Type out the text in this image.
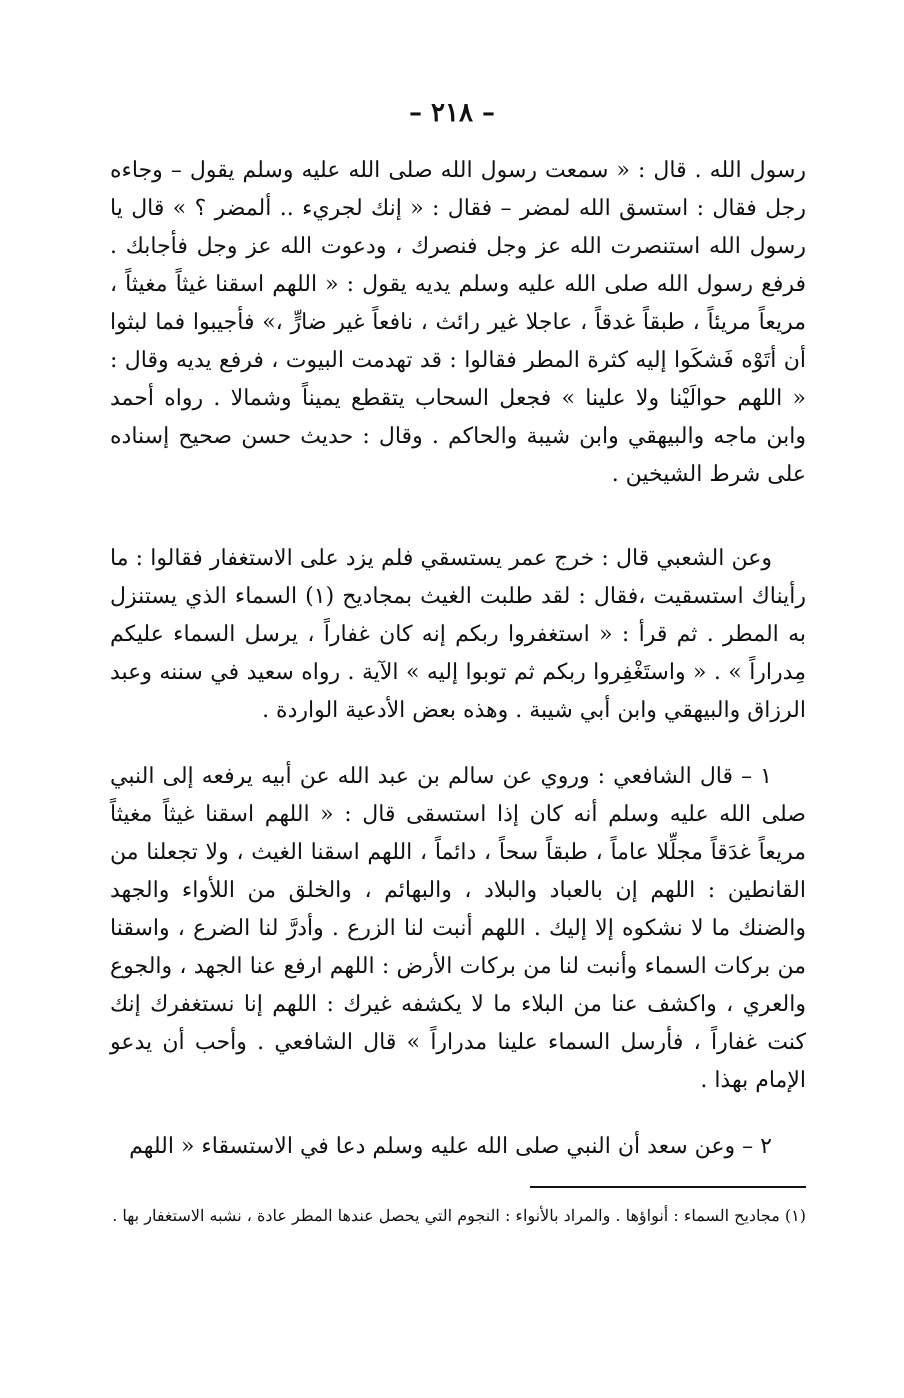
– ٢١٨ –

رسول الله . قال : « سمعت رسول الله صلى الله عليه وسلم يقول – وجاءه رجل فقال : استسق الله لمضر – فقال : « إنك لجريء .. ألمضر ؟ » قال يا رسول الله استنصرت الله عز وجل فنصرك ، ودعوت الله عز وجل فأجابك . فرفع رسول الله صلى الله عليه وسلم يديه يقول : « اللهم اسقنا غيثاً مغيثاً ، مريعاً مريئاً ، طبقاً غدقاً ، عاجلا غير رائث ، نافعاً غير ضارٍّ ،» فأجيبوا فما لبثوا أن أتَوْه فَشكَوا إليه كثرة المطر فقالوا : قد تهدمت البيوت ، فرفع يديه وقال : « اللهم حوالَيْنا ولا علينا » فجعل السحاب يتقطع يميناً وشمالا . رواه أحمد وابن ماجه والبيهقي وابن شيبة والحاكم . وقال : حديث حسن صحيح إسناده على شرط الشيخين .

وعن الشعبي قال : خرج عمر يستسقي فلم يزد على الاستغفار فقالوا : ما رأيناك استسقيت ،فقال : لقد طلبت الغيث بمجاديح (١) السماء الذي يستنزل به المطر . ثم قرأ : « استغفروا ربكم إنه كان غفاراً ، يرسل السماء عليكم مِدراراً » . « واستَغْفِروا ربكم ثم توبوا إليه » الآية . رواه سعيد في سننه وعبد الرزاق والبيهقي وابن أبي شيبة . وهذه بعض الأدعية الواردة .

١ – قال الشافعي : وروي عن سالم بن عبد الله عن أبيه يرفعه إلى النبي صلى الله عليه وسلم أنه كان إذا استسقى قال : « اللهم اسقنا غيثاً مغيثاً مريعاً غدَقاً مجلِّلا عاماً ، طبقاً سحاً ، دائماً ، اللهم اسقنا الغيث ، ولا تجعلنا من القانطين : اللهم إن بالعباد والبلاد ، والبهائم ، والخلق من اللأواء والجهد والضنك ما لا نشكوه إلا إليك . اللهم أنبت لنا الزرع . وأدرَّ لنا الضرع ، واسقنا من بركات السماء وأنبت لنا من بركات الأرض : اللهم ارفع عنا الجهد ، والجوع والعري ، واكشف عنا من البلاء ما لا يكشفه غيرك : اللهم إنا نستغفرك إنك كنت غفاراً ، فأرسل السماء علينا مدراراً » قال الشافعي . وأحب أن يدعو الإمام بهذا .

٢ – وعن سعد أن النبي صلى الله عليه وسلم دعا في الاستسقاء « اللهم

(١) مجاديح السماء : أنواؤها . والمراد بالأنواء : النجوم التي يحصل عندها المطر عادة ، نشبه الاستغفار بها .
